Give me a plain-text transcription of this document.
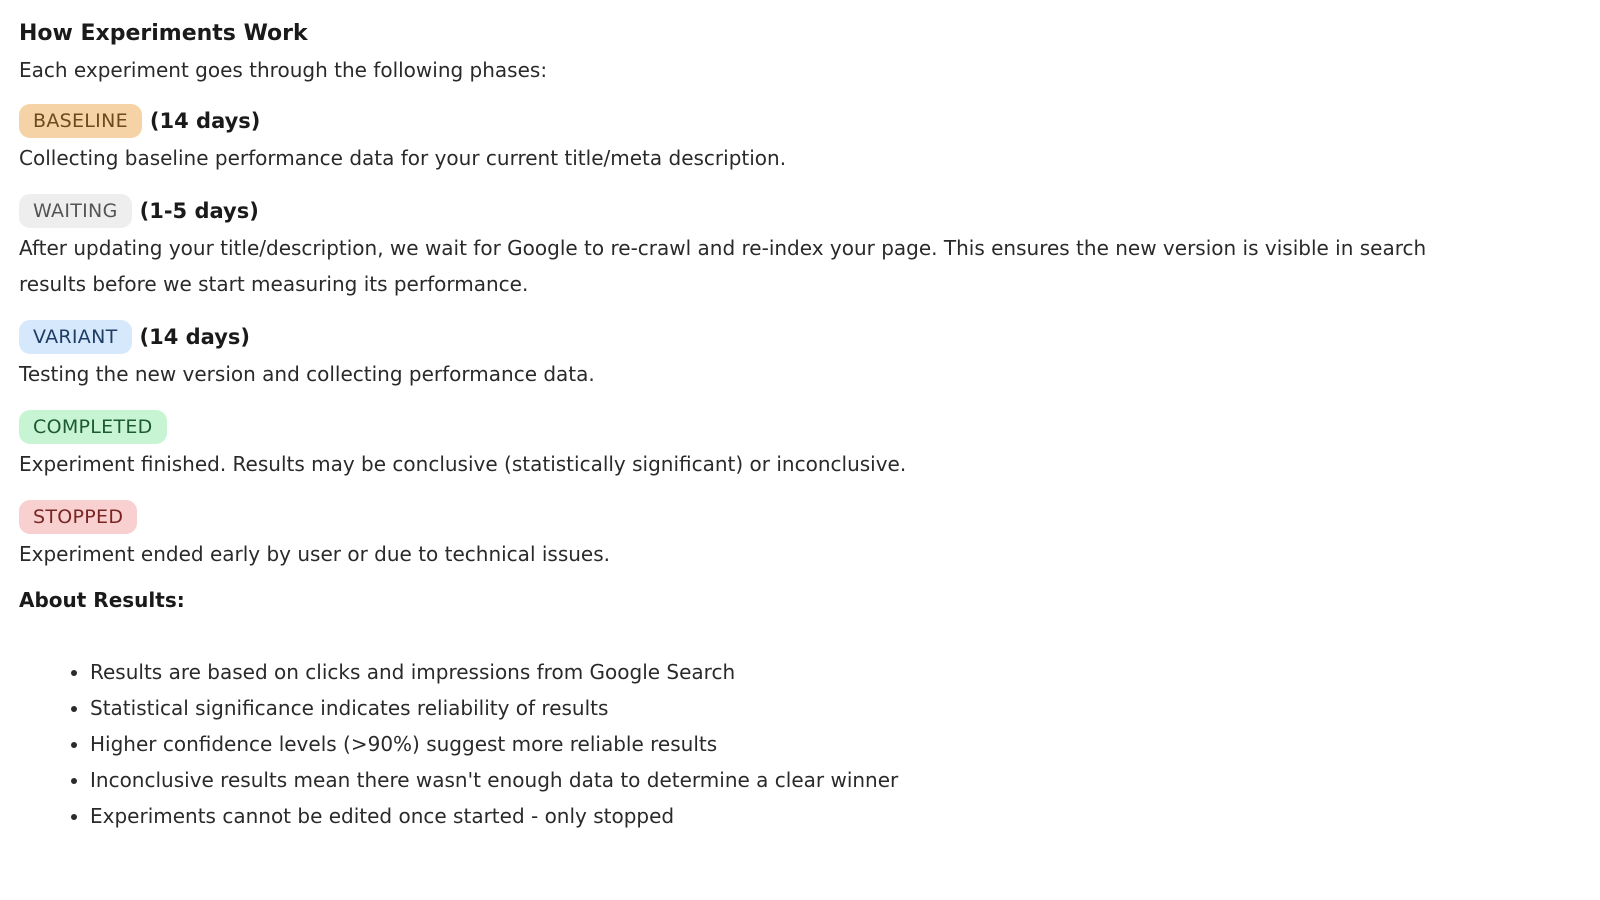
How Experiments Work

Each experiment goes through the following phases:

BASELINE	(14 days)

Collecting baseline performance data for your current title/meta description.

WAITING	(1-5 days)

After updating your title/description, we wait for Google to re-crawl and re-index your page. This ensures the new version is visible in search results before we start measuring its performance.

VARIANT	(14 days)

Testing the new version and collecting performance data.

COMPLETED

Experiment finished. Results may be conclusive (statistically significant) or inconclusive.

STOPPED

Experiment ended early by user or due to technical issues.

About Results:

• Results are based on clicks and impressions from Google Search
• Statistical significance indicates reliability of results
• Higher confidence levels (>90%) suggest more reliable results
• Inconclusive results mean there wasn't enough data to determine a clear winner
• Experiments cannot be edited once started - only stopped
